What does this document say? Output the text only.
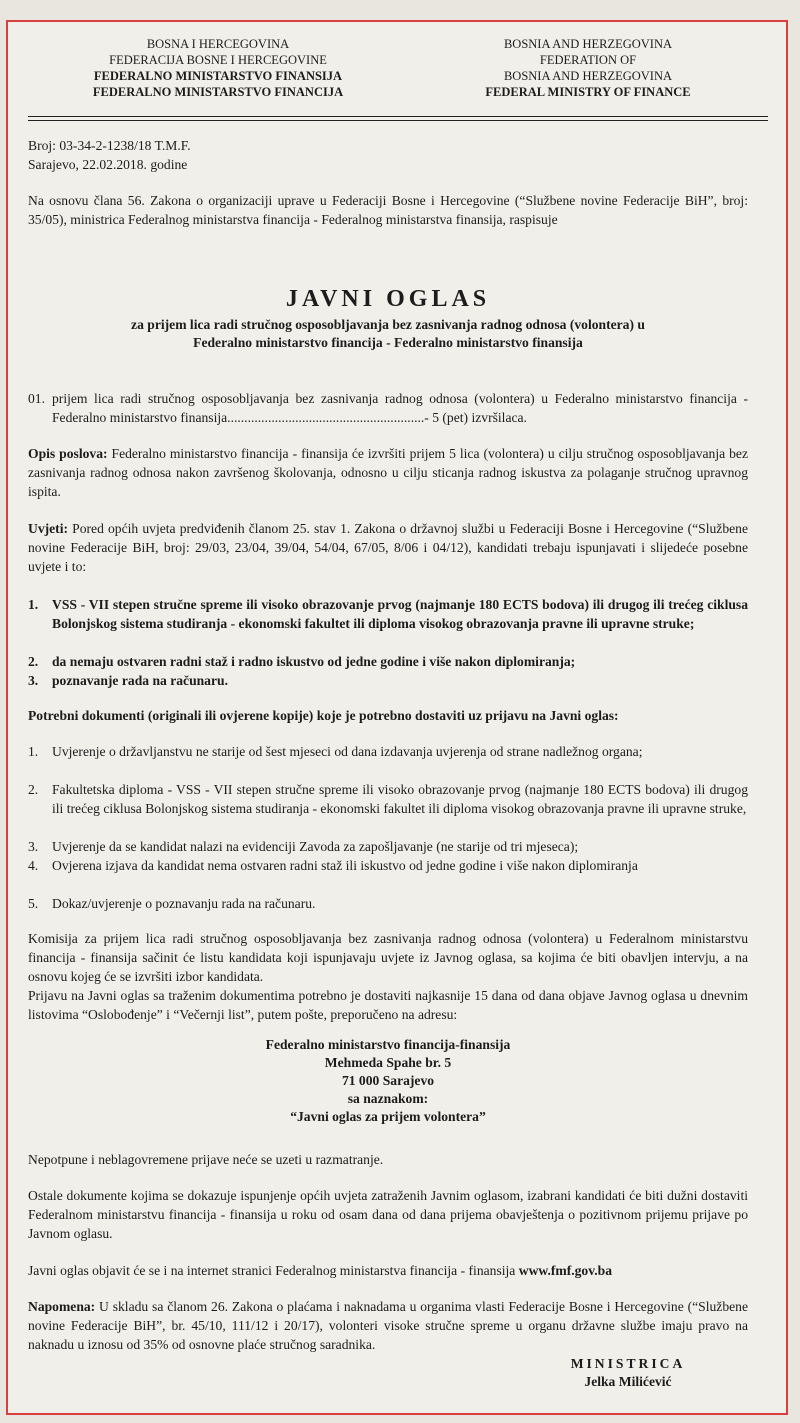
BOSNA I HERCEGOVINA
FEDERACIJA BOSNE I HERCEGOVINE
FEDERALNO MINISTARSTVO FINANSIJA
FEDERALNO MINISTARSTVO FINANCIJA
BOSNIA AND HERZEGOVINA
FEDERATION OF
BOSNIA AND HERZEGOVINA
FEDERAL MINISTRY OF FINANCE
Broj: 03-34-2-1238/18 T.M.F.
Sarajevo, 22.02.2018. godine
Na osnovu člana 56. Zakona o organizaciji uprave u Federaciji Bosne i Hercegovine (“Službene novine Federacije BiH”, broj: 35/05), ministrica Federalnog ministarstva financija - Federalnog ministarstva finansija, raspisuje
JAVNI OGLAS
za prijem lica radi stručnog osposobljavanja bez zasnivanja radnog odnosa (volontera) u
Federalno ministarstvo financija - Federalno ministarstvo finansija
01. prijem lica radi stručnog osposobljavanja bez zasnivanja radnog odnosa (volontera) u Federalno ministarstvo financija - Federalno ministarstvo finansija..........................................................- 5 (pet) izvršilaca.
Opis poslova: Federalno ministarstvo financija - finansija će izvršiti prijem 5 lica (volontera) u cilju stručnog osposobljavanja bez zasnivanja radnog odnosa nakon završenog školovanja, odnosno u cilju sticanja radnog iskustva za polaganje stručnog upravnog ispita.
Uvjeti: Pored općih uvjeta predviđenih članom 25. stav 1. Zakona o državnoj službi u Federaciji Bosne i Hercegovine (“Službene novine Federacije BiH, broj: 29/03, 23/04, 39/04, 54/04, 67/05, 8/06 i 04/12), kandidati trebaju ispunjavati i slijedeće posebne uvjete i to:
1.	VSS - VII stepen stručne spreme ili visoko obrazovanje prvog (najmanje 180 ECTS bodova) ili drugog ili trećeg ciklusa Bolonjskog sistema studiranja - ekonomski fakultet ili diploma visokog obrazovanja pravne ili upravne struke;
2.	da nemaju ostvaren radni staž i radno iskustvo od jedne godine i više nakon diplomiranja;
3.	poznavanje rada na računaru.
Potrebni dokumenti (originali ili ovjerene kopije) koje je potrebno dostaviti uz prijavu na Javni oglas:
1.	Uvjerenje o državljanstvu ne starije od šest mjeseci od dana izdavanja uvjerenja od strane nadležnog organa;
2.	Fakultetska diploma - VSS - VII stepen stručne spreme ili visoko obrazovanje prvog (najmanje 180 ECTS bodova) ili drugog ili trećeg ciklusa Bolonjskog sistema studiranja - ekonomski fakultet ili diploma visokog obrazovanja pravne ili upravne struke,
3.	Uvjerenje da se kandidat nalazi na evidenciji Zavoda za zapošljavanje (ne starije od tri mjeseca);
4.	Ovjerena izjava da kandidat nema ostvaren radni staž ili iskustvo od jedne godine i više nakon diplomiranja
5.	Dokaz/uvjerenje o poznavanju rada na računaru.
Komisija za prijem lica radi stručnog osposobljavanja bez zasnivanja radnog odnosa (volontera) u Federalnom ministarstvu financija - finansija sačinit će listu kandidata koji ispunjavaju uvjete iz Javnog oglasa, sa kojima će biti obavljen intervju, a na osnovu kojeg će se izvršiti izbor kandidata.
Prijavu na Javni oglas sa traženim dokumentima potrebno je dostaviti najkasnije 15 dana od dana objave Javnog oglasa u dnevnim listovima “Oslobođenje” i “Večernji list”, putem pošte, preporučeno na adresu:
Federalno ministarstvo financija-finansija
Mehmeda Spahe br. 5
71 000 Sarajevo
sa naznakom:
“Javni oglas za prijem volontera”
Nepotpune i neblagovremene prijave neće se uzeti u razmatranje.
Ostale dokumente kojima se dokazuje ispunjenje općih uvjeta zatraženih Javnim oglasom, izabrani kandidati će biti dužni dostaviti Federalnom ministarstvu financija - finansija u roku od osam dana od dana prijema obavještenja o pozitivnom prijemu prijave po Javnom oglasu.
Javni oglas objavit će se i na internet stranici Federalnog ministarstva financija - finansija www.fmf.gov.ba
Napomena: U skladu sa članom 26. Zakona o plaćama i naknadama u organima vlasti Federacije Bosne i Hercegovine (“Službene novine Federacije BiH”, br. 45/10, 111/12 i 20/17), volonteri visoke stručne spreme u organu državne službe imaju pravo na naknadu u iznosu od 35% od osnovne plaće stručnog saradnika.
MINISTRICA
Jelka Milićević
